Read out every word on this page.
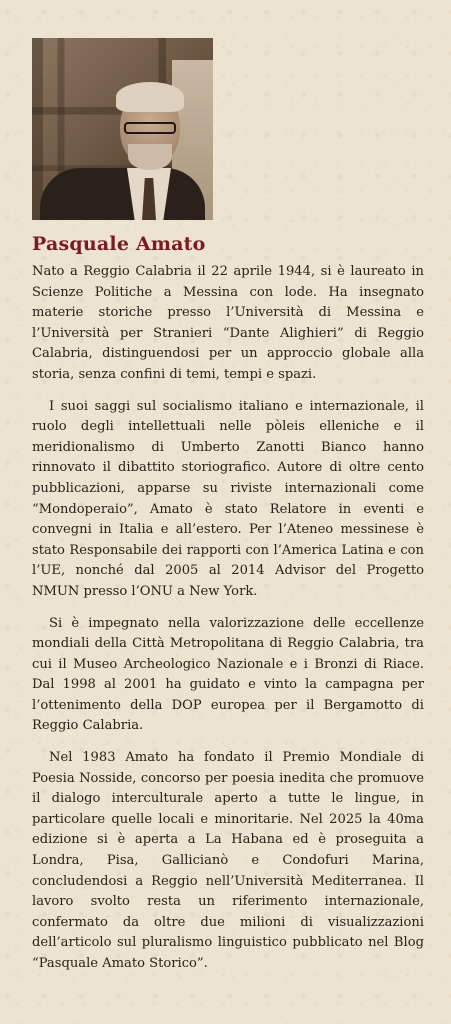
Pasquale Amato

Nato a Reggio Calabria il 22 aprile 1944, si è laureato in Scienze Politiche a Messina con lode. Ha insegnato materie storiche presso l’Università di Messina e l’Università per Stranieri “Dante Alighieri” di Reggio Calabria, distinguendosi per un approccio globale alla storia, senza confini di temi, tempi e spazi.

I suoi saggi sul socialismo italiano e internazionale, il ruolo degli intellettuali nelle pòleis elleniche e il meridionalismo di Umberto Zanotti Bianco hanno rinnovato il dibattito storiografico. Autore di oltre cento pubblicazioni, apparse su riviste internazionali come “Mondoperaio”, Amato è stato Relatore in eventi e convegni in Italia e all’estero. Per l’Ateneo messinese è stato Responsabile dei rapporti con l’America Latina e con l’UE, nonché dal 2005 al 2014 Advisor del Progetto NMUN presso l’ONU a New York.

Si è impegnato nella valorizzazione delle eccellenze mondiali della Città Metropolitana di Reggio Calabria, tra cui il Museo Archeologico Nazionale e i Bronzi di Riace. Dal 1998 al 2001 ha guidato e vinto la campagna per l’ottenimento della DOP europea per il Bergamotto di Reggio Calabria.

Nel 1983 Amato ha fondato il Premio Mondiale di Poesia Nosside, concorso per poesia inedita che promuove il dialogo interculturale aperto a tutte le lingue, in particolare quelle locali e minoritarie. Nel 2025 la 40ma edizione si è aperta a La Habana ed è proseguita a Londra, Pisa, Gallicianò e Condofuri Marina, concludendosi a Reggio nell’Università Mediterranea. Il lavoro svolto resta un riferimento internazionale, confermato da oltre due milioni di visualizzazioni dell’articolo sul pluralismo linguistico pubblicato nel Blog “Pasquale Amato Storico”.
